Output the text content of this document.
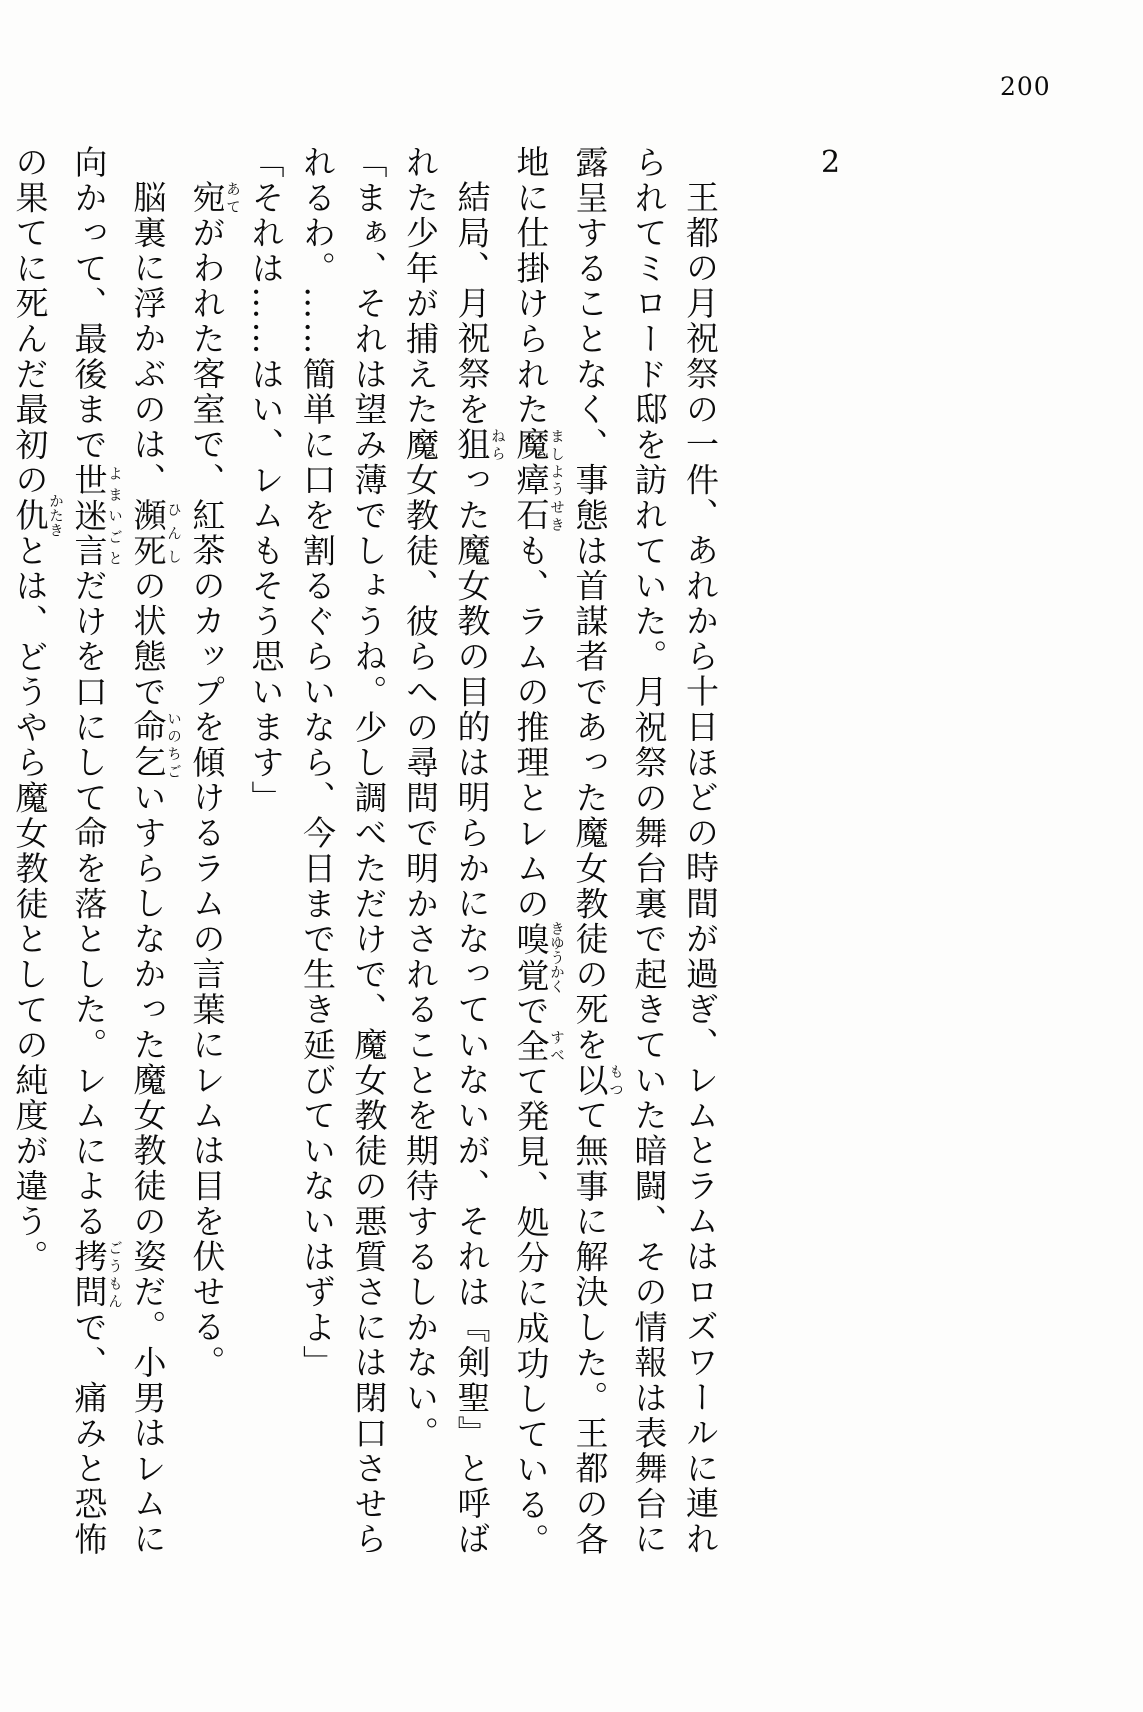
200
2
王都の月祝祭の一件、あれから十日ほどの時間が過ぎ、レムとラムはロズワールに連れ
られてミロード邸を訪れていた。月祝祭の舞台裏で起きていた暗闘、その情報は表舞台に
露呈することなく、事態は首謀者であった魔女教徒の死を以もつて無事に解決した。王都の各
地に仕掛けられた魔瘴石ましようせきも、ラムの推理とレムの嗅覚きゆうかくで全すべて発見、処分に成功している。
結局、月祝祭を狙ねらった魔女教の目的は明らかになっていないが、それは『剣聖』と呼ば
れた少年が捕えた魔女教徒、彼らへの尋問で明かされることを期待するしかない。
「まぁ、それは望み薄でしょうね。少し調べただけで、魔女教徒の悪質さには閉口させら
れるわ。……簡単に口を割るぐらいなら、今日まで生き延びていないはずよ」
「それは……はい、レムもそう思います」
宛あてがわれた客室で、紅茶のカップを傾けるラムの言葉にレムは目を伏せる。
脳裏に浮かぶのは、瀕死ひんしの状態で命乞いのちごいすらしなかった魔女教徒の姿だ。小男はレムに
向かって、最後まで世迷言よまいごとだけを口にして命を落とした。レムによる拷問ごうもんで、痛みと恐怖
の果てに死んだ最初の仇かたきとは、どうやら魔女教徒としての純度が違う。
